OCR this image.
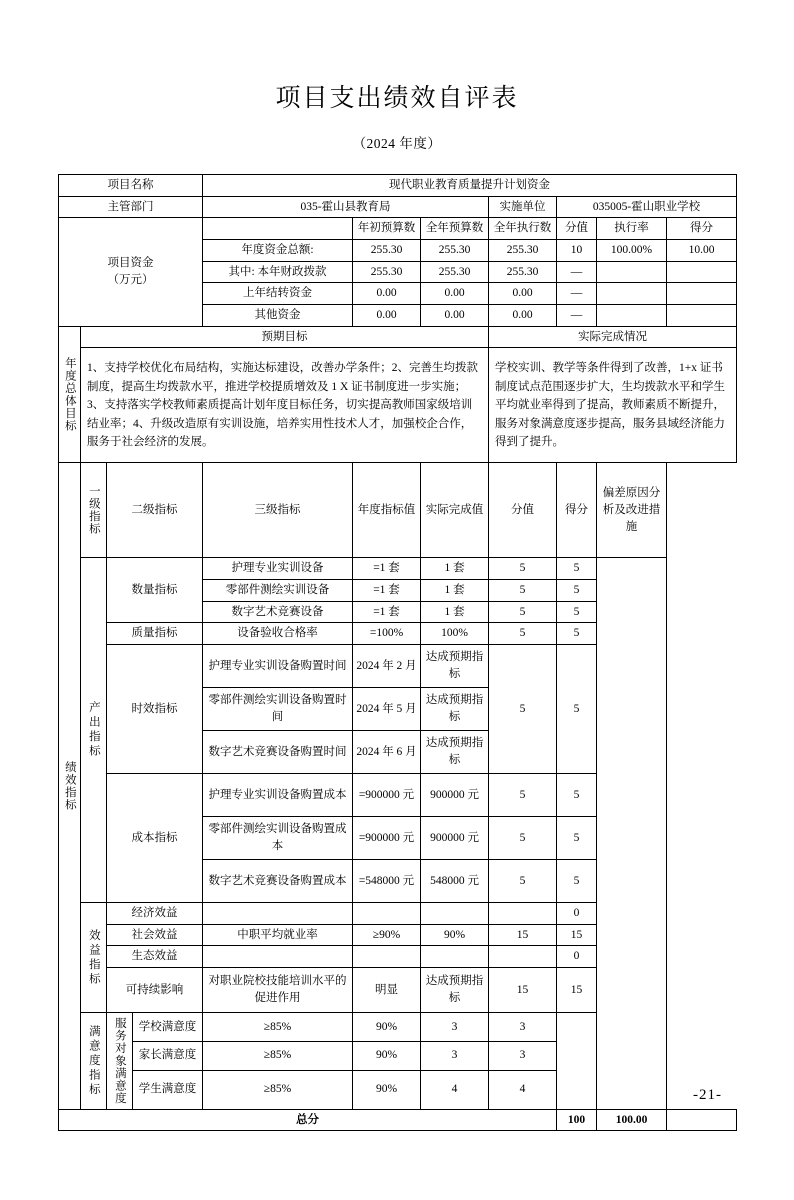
项目支出绩效自评表
（2024 年度）
项目名称				现代职业教育质量提升计划资金						
主管部门				035-霍山县教育局			实施单位	035005-霍山职业学校		

项目资金
（万元）					年初预算数	全年预算数	全年执行数	分值	执行率	得分
				年度资金总额:	255.30	255.30	255.30	10	100.00%	10.00
				其中: 本年财政拨款	255.30	255.30	255.30	—		
				上年结转资金	0.00	0.00	0.00	—		
				其他资金	0.00	0.00	0.00	—		
年度总体目标	预期目标						实际完成情况			
	1、支持学校优化布局结构，实施达标建设，改善办学条件；2、完善生均拨款制度，提高生均拨款水平，推进学校提质增效及 1 X 证书制度进一步实施；3、支持落实学校教师素质提高计划年度目标任务，切实提高教师国家级培训结业率；4、升级改造原有实训设施，培养实用性技术人才，加强校企合作，服务于社会经济的发展。						学校实训、教学等条件得到了改善，1+x 证书制度试点范围逐步扩大，生均拨款水平和学生平均就业率得到了提高，教师素质不断提升，服务对象满意度逐步提高，服务县域经济能力得到了提升。			
绩效指标	一级指标	二级指标		三级指标	年度指标值	实际完成值	分值	得分	偏差原因分析及改进措施	
	产出指标	数量指标		护理专业实训设备	=1 套	1 套	5	5		
				零部件测绘实训设备	=1 套	1 套	5	5		
				数字艺术竞赛设备	=1 套	1 套	5	5		
		质量指标		设备验收合格率	=100%	100%	5	5		
		时效指标		护理专业实训设备购置时间	2024 年 2 月	达成预期指标	5	5		
				零部件测绘实训设备购置时间	2024 年 5 月	达成预期指标				
				数字艺术竞赛设备购置时间	2024 年 6 月	达成预期指标				
		成本指标		护理专业实训设备购置成本	=900000 元	900000 元	5	5		
				零部件测绘实训设备购置成本	=900000 元	900000 元	5	5		
				数字艺术竞赛设备购置成本	=548000 元	548000 元	5	5		
	效益指标	经济效益						0		
		社会效益		中职平均就业率	≥90%	90%	15	15		
		生态效益						0		
		可持续影响		对职业院校技能培训水平的促进作用	明显	达成预期指标	15	15		
	满意度指标	服务对象满意度	学校满意度	≥85%	90%	3	3			
			家长满意度	≥85%	90%	3	3			
			学生满意度	≥85%	90%	4	4			
总分								100	100.00	
-21-
